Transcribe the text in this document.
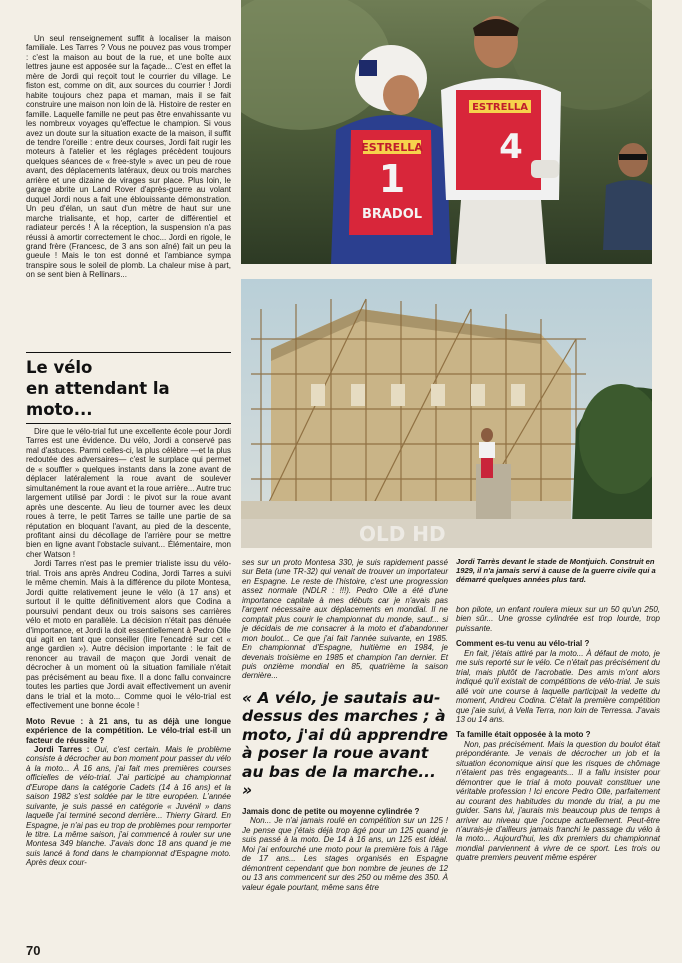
Un seul renseignement suffit à localiser la maison familiale. Les Tarres ? Vous ne pouvez pas vous tromper : c'est la maison au bout de la rue, et une boîte aux lettres jaune est apposée sur la façade... C'est en effet la mère de Jordi qui reçoit tout le courrier du village. Le fiston est, comme on dit, aux sources du courrier ! Jordi habite toujours chez papa et maman, mais il se fait construire une maison non loin de là. Histoire de rester en famille. Laquelle famille ne peut pas être envahissante vu les nombreux voyages qu'effectue le champion. Si vous avez un doute sur la situation exacte de la maison, il suffit de tendre l'oreille : entre deux courses, Jordi fait rugir les moteurs à l'atelier et les réglages précèdent toujours quelques séances de « free-style » avec un peu de roue avant, des déplacements latéraux, deux ou trois marches arrière et une dizaine de virages sur place. Plus loin, le garage abrite un Land Rover d'après-guerre au volant duquel Jordi nous a fait une éblouissante démonstration. Un peu d'élan, un saut d'un mètre de haut sur une marche trialisante, et hop, carter de différentiel et radiateur percés ! À la réception, la suspension n'a pas réussi à amortir correctement le choc... Jordi en rigole, le grand frère (Francesc, de 3 ans son aîné) fait un peu la gueule ! Mais le ton est donné et l'ambiance sympa transpire sous le soleil de plomb. La chaleur mise à part, on se sent bien à Rellinars...

Le vélo
en attendant la moto...

Dire que le vélo-trial fut une excellente école pour Jordi Tarres est une évidence. Du vélo, Jordi a conservé pas mal d'astuces. Parmi celles-ci, la plus célèbre —et la plus redoutée des adversaires— c'est le surplace qui permet de « souffler » quelques instants dans la zone avant de déplacer latéralement la roue avant de soulever simultanément la roue avant et la roue arrière... Autre truc largement utilisé par Jordi : le pivot sur la roue avant après une descente. Au lieu de tourner avec les deux roues à terre, le petit Tarres se taille une partie de sa réputation en bloquant l'avant, au pied de la descente, profitant ainsi du décollage de l'arrière pour se mettre bien en ligne avant l'obstacle suivant... Élémentaire, mon cher Watson !

Jordi Tarres n'est pas le premier trialiste issu du vélo-trial. Trois ans après Andreu Codina, Jordi Tarres a suivi le même chemin. Mais à la différence du pilote Montesa, Jordi quitte relativement jeune le vélo (à 17 ans) et surtout il le quitte définitivement alors que Codina a poursuivi pendant deux ou trois saisons ses carrières vélo et moto en parallèle. La décision n'était pas dénuée d'importance, et Jordi la doit essentiellement à Pedro Olle qui agit en tant que conseiller (lire l'encadré sur cet « ange gardien »). Autre décision importante : le fait de renoncer au travail de maçon que Jordi venait de décrocher à un moment où la situation familiale n'était pas précisément au beau fixe. Il a donc fallu convaincre toutes les parties que Jordi avait effectivement un avenir dans le trial et la moto... Comme quoi le vélo-trial est effectivement une bonne école !

Moto Revue : à 21 ans, tu as déjà une longue expérience de la compétition. Le vélo-trial est-il un facteur de réussite ?

Jordi Tarres : Oui, c'est certain. Mais le problème consiste à décrocher au bon moment pour passer du vélo à la moto... À 16 ans, j'ai fait mes premières courses officielles de vélo-trial. J'ai participé au championnat d'Europe dans la catégorie Cadets (14 à 16 ans) et la saison 1982 s'est soldée par le titre européen. L'année suivante, je suis passé en catégorie « Juvénil » dans laquelle j'ai terminé second derrière... Thierry Girard. En Espagne, je n'ai pas eu trop de problèmes pour remporter le titre. La même saison, j'ai commencé à rouler sur une Montesa 349 blanche. J'avais donc 18 ans quand je me suis lancé à fond dans le championnat d'Espagne moto. Après deux cour-

ESTRELLA
1
BRADOL
ESTRELLA
4
OLD HD
Jordi Tarrès devant le stade de Montjuich. Construit en 1929, il n'a jamais servi à cause de la guerre civile qui a démarré quelques années plus tard.

ses sur un proto Montesa 330, je suis rapidement passé sur Beta (une TR-32) qui venait de trouver un importateur en Espagne. Le reste de l'histoire, c'est une progression assez normale (NDLR : !!!). Pedro Olle a été d'une importance capitale à mes débuts car je n'avais pas l'argent nécessaire aux déplacements en mondial. Il ne comptait plus courir le championnat du monde, sauf... si je décidais de me consacrer à la moto et d'abandonner mon boulot... Ce que j'ai fait l'année suivante, en 1985. En championnat d'Espagne, huitième en 1984, je devenais troisième en 1985 et champion l'an dernier. Et puis onzième mondial en 85, quatrième la saison dernière...

« A vélo, je sautais au-dessus des marches ; à moto, j'ai dû apprendre à poser la roue avant au bas de la marche... »

Jamais donc de petite ou moyenne cylindrée ?

Non... Je n'ai jamais roulé en compétition sur un 125 ! Je pense que j'étais déjà trop âgé pour un 125 quand je suis passé à la moto. De 14 à 16 ans, un 125 est idéal. Moi j'ai enfourché une moto pour la première fois à l'âge de 17 ans... Les stages organisés en Espagne démontrent cependant que bon nombre de jeunes de 12 ou 13 ans commencent sur des 250 ou même des 350. À valeur égale pourtant, même sans être

bon pilote, un enfant roulera mieux sur un 50 qu'un 250, bien sûr... Une grosse cylindrée est trop lourde, trop puissante.

Comment es-tu venu au vélo-trial ?

En fait, j'étais attiré par la moto... À défaut de moto, je me suis reporté sur le vélo. Ce n'était pas précisément du trial, mais plutôt de l'acrobatie. Des amis m'ont alors indiqué qu'il existait de compétitions de vélo-trial. Je suis allé voir une course à laquelle participait la vedette du moment, Andreu Codina. C'était la première compétition que j'aie suivi, à Vella Terra, non loin de Terressa. J'avais 13 ou 14 ans.

Ta famille était opposée à la moto ?

Non, pas précisément. Mais la question du boulot était prépondérante. Je venais de décrocher un job et la situation économique ainsi que les risques de chômage n'étaient pas très engageants... Il a fallu insister pour démontrer que le trial à moto pouvait constituer une véritable profession ! Ici encore Pedro Olle, parfaitement au courant des habitudes du monde du trial, a pu me guider. Sans lui, j'aurais mis beaucoup plus de temps à arriver au niveau que j'occupe actuellement. Peut-être n'aurais-je d'ailleurs jamais franchi le passage du vélo à la moto... Aujourd'hui, les dix premiers du championnat mondial parviennent à vivre de ce sport. Les trois ou quatre premiers peuvent même espérer

70
